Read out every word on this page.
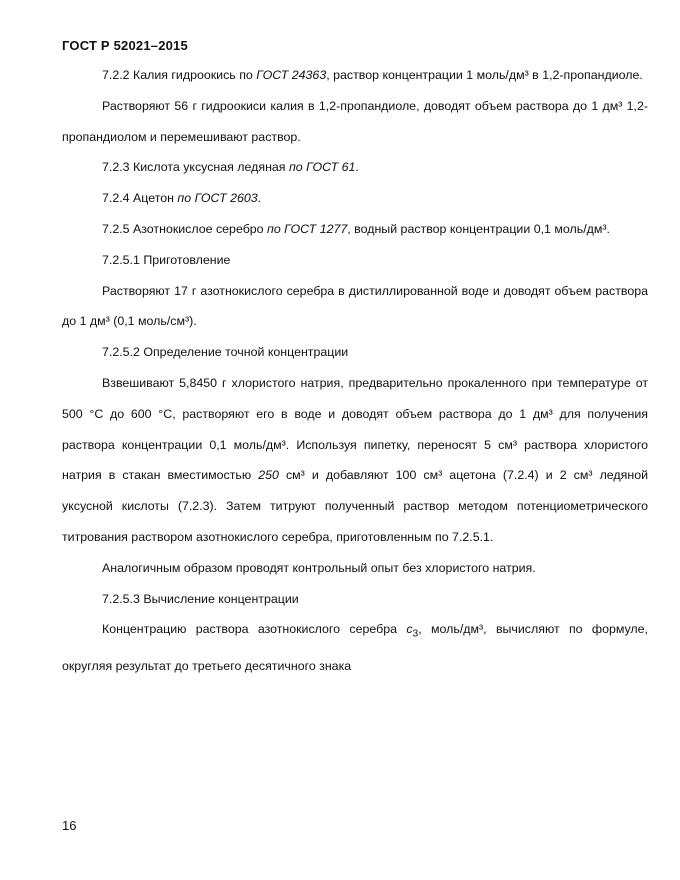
ГОСТ Р 52021–2015

7.2.2 Калия гидроокись по ГОСТ 24363, раствор концентрации 1 моль/дм³ в 1,2-пропандиоле.

Растворяют 56 г гидроокиси калия в 1,2-пропандиоле, доводят объем раствора до 1 дм³ 1,2-пропандиолом и перемешивают раствор.

7.2.3 Кислота уксусная ледяная по ГОСТ 61.

7.2.4 Ацетон по ГОСТ 2603.

7.2.5 Азотнокислое серебро по ГОСТ 1277, водный раствор концентрации 0,1 моль/дм³.

7.2.5.1 Приготовление

Растворяют 17 г азотнокислого серебра в дистиллированной воде и доводят объем раствора до 1 дм³ (0,1 моль/см³).

7.2.5.2 Определение точной концентрации

Взвешивают 5,8450 г хлористого натрия, предварительно прокаленного при температуре от 500 °С до 600 °С, растворяют его в воде и доводят объем раствора до 1 дм³ для получения раствора концентрации 0,1 моль/дм³. Используя пипетку, переносят 5 см³ раствора хлористого натрия в стакан вместимостью 250 см³ и добавляют 100 см³ ацетона (7.2.4) и 2 см³ ледяной уксусной кислоты (7.2.3). Затем титруют полученный раствор методом потенциометрического титрования раствором азотнокислого серебра, приготовленным по 7.2.5.1.

Аналогичным образом проводят контрольный опыт без хлористого натрия.

7.2.5.3 Вычисление концентрации

Концентрацию раствора азотнокислого серебра $с_3$, моль/дм³, вычисляют по формуле, округляя результат до третьего десятичного знака

16
